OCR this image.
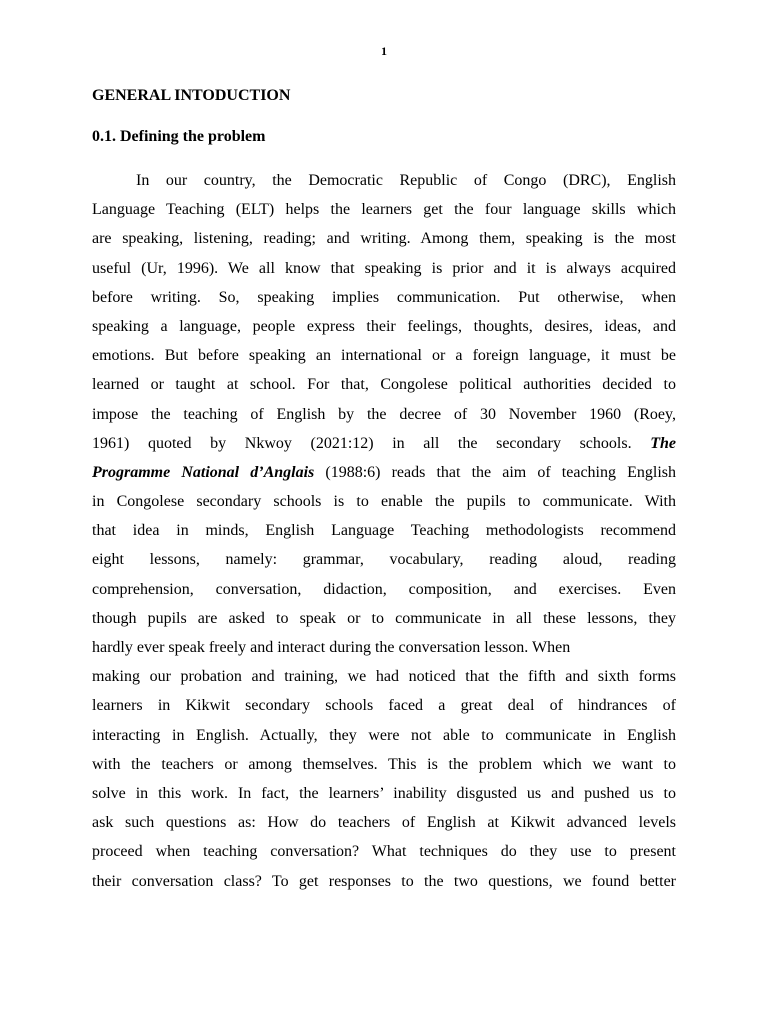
1
GENERAL INTODUCTION
0.1. Defining the problem
In our country, the Democratic Republic of Congo (DRC), English
Language Teaching (ELT) helps the learners get the four language skills which
are speaking, listening, reading; and writing. Among them, speaking is the most
useful (Ur, 1996). We all know that speaking is prior and it is always acquired
before writing. So, speaking implies communication. Put otherwise, when
speaking a language, people express their feelings, thoughts, desires, ideas, and
emotions. But before speaking an international or a foreign language, it must be
learned or taught at school. For that, Congolese political authorities decided to
impose the teaching of English by the decree of 30 November 1960 (Roey,
1961) quoted by Nkwoy (2021:12) in all the secondary schools. The
Programme National d’Anglais (1988:6) reads that the aim of teaching English
in Congolese secondary schools is to enable the pupils to communicate. With
that idea in minds, English Language Teaching methodologists recommend
eight lessons, namely: grammar, vocabulary, reading aloud, reading
comprehension, conversation, didaction, composition, and exercises. Even
though pupils are asked to speak or to communicate in all these lessons, they
hardly ever speak freely and interact during the conversation lesson. When
making our probation and training, we had noticed that the fifth and sixth forms
learners in Kikwit secondary schools faced a great deal of hindrances of
interacting in English. Actually, they were not able to communicate in English
with the teachers or among themselves. This is the problem which we want to
solve in this work. In fact, the learners’ inability disgusted us and pushed us to
ask such questions as: How do teachers of English at Kikwit advanced levels
proceed when teaching conversation? What techniques do they use to present
their conversation class? To get responses to the two questions, we found better
